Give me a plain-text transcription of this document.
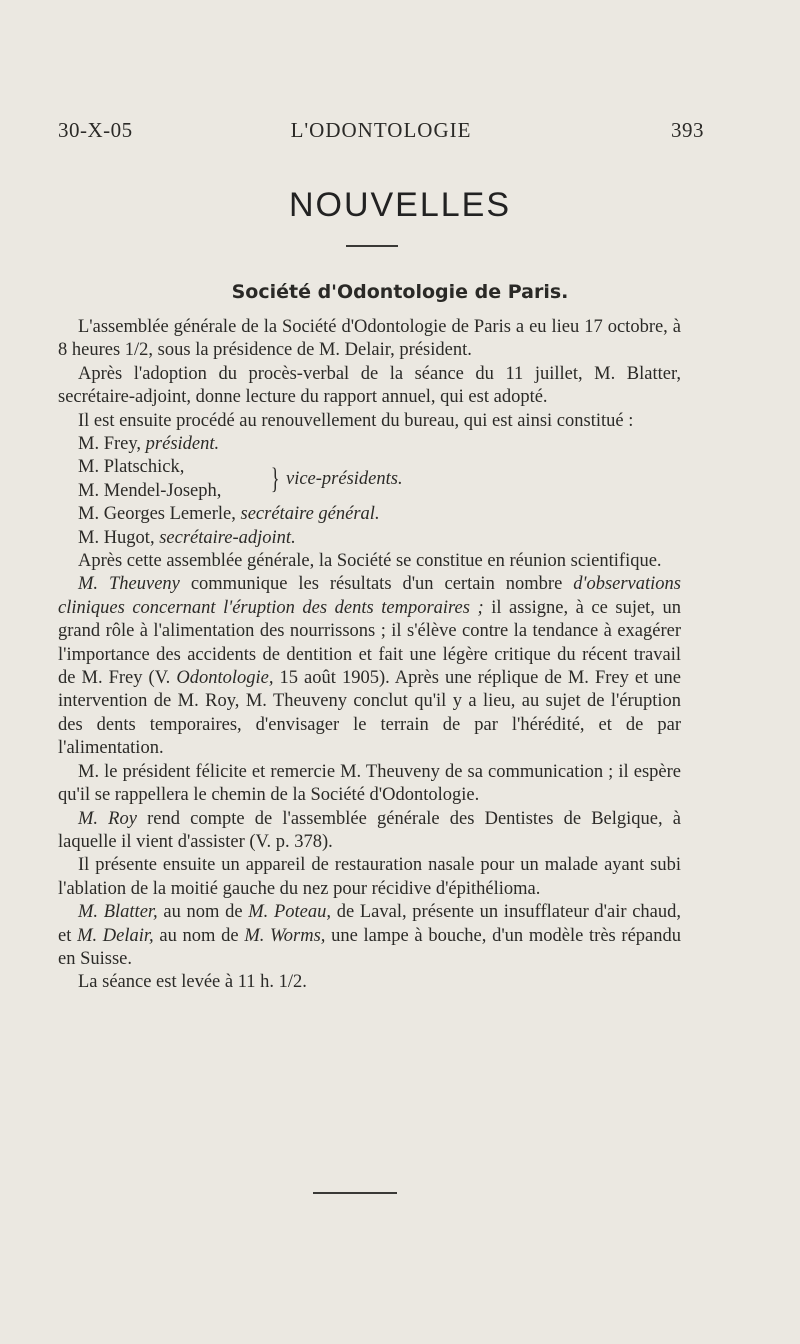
30-X-05	L'ODONTOLOGIE	393
NOUVELLES
Société d'Odontologie de Paris.

L'assemblée générale de la Société d'Odontologie de Paris a eu lieu 17 octobre, à 8 heures 1/2, sous la présidence de M. Delair, président.

Après l'adoption du procès-verbal de la séance du 11 juillet, M. Blatter, secrétaire-adjoint, donne lecture du rapport annuel, qui est adopté.

Il est ensuite procédé au renouvellement du bureau, qui est ainsi constitué :

M. Frey, président.
M. Platschick,
M. Mendel-Joseph,	} vice-présidents.
M. Georges Lemerle, secrétaire général.
M. Hugot, secrétaire-adjoint.

Après cette assemblée générale, la Société se constitue en réunion scientifique.

M. Theuveny communique les résultats d'un certain nombre d'observations cliniques concernant l'éruption des dents temporaires ; il assigne, à ce sujet, un grand rôle à l'alimentation des nourrissons ; il s'élève contre la tendance à exagérer l'importance des accidents de dentition et fait une légère critique du récent travail de M. Frey (V. Odontologie, 15 août 1905). Après une réplique de M. Frey et une intervention de M. Roy, M. Theuveny conclut qu'il y a lieu, au sujet de l'éruption des dents temporaires, d'envisager le terrain de par l'hérédité, et de par l'alimentation.

M. le président félicite et remercie M. Theuveny de sa communication ; il espère qu'il se rappellera le chemin de la Société d'Odontologie.

M. Roy rend compte de l'assemblée générale des Dentistes de Belgique, à laquelle il vient d'assister (V. p. 378).

Il présente ensuite un appareil de restauration nasale pour un malade ayant subi l'ablation de la moitié gauche du nez pour récidive d'épithélioma.

M. Blatter, au nom de M. Poteau, de Laval, présente un insufflateur d'air chaud, et M. Delair, au nom de M. Worms, une lampe à bouche, d'un modèle très répandu en Suisse.

La séance est levée à 11 h. 1/2.
